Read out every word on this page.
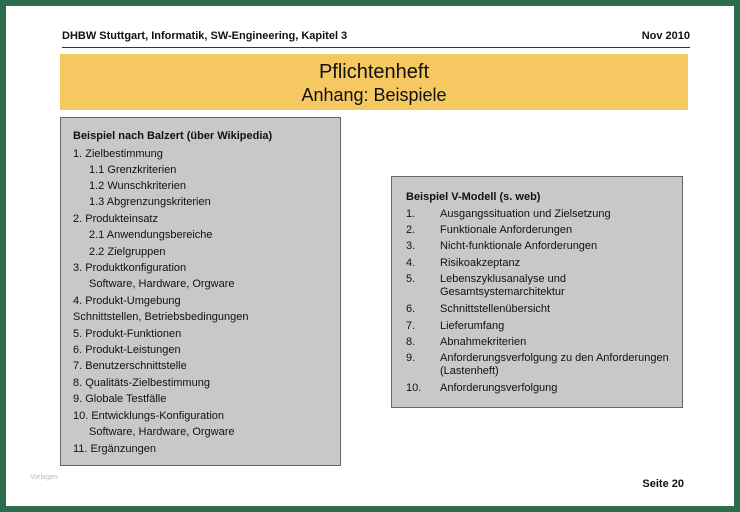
DHBW Stuttgart, Informatik, SW-Engineering, Kapitel 3	Nov 2010
Pflichtenheft
Anhang: Beispiele
Beispiel nach Balzert (über Wikipedia)
1. Zielbestimmung
1.1 Grenzkriterien
1.2 Wunschkriterien
1.3 Abgrenzungskriterien
2. Produkteinsatz
2.1 Anwendungsbereiche
2.2 Zielgruppen
3. Produktkonfiguration
Software, Hardware, Orgware
4. Produkt-Umgebung
Schnittstellen, Betriebsbedingungen
5. Produkt-Funktionen
6. Produkt-Leistungen
7. Benutzerschnittstelle
8. Qualitäts-Zielbestimmung
9. Globale Testfälle
10. Entwicklungs-Konfiguration
Software, Hardware, Orgware
11. Ergänzungen
Beispiel V-Modell (s. web)
1. Ausgangssituation und Zielsetzung
2. Funktionale Anforderungen
3. Nicht-funktionale Anforderungen
4. Risikoakzeptanz
5. Lebenszyklusanalyse und Gesamtsystemarchitektur
6. Schnittstellenübersicht
7. Lieferumfang
8. Abnahmekriterien
9. Anforderungsverfolgung zu den Anforderungen (Lastenheft)
10. Anforderungsverfolgung
Vorlagen
Seite 20
